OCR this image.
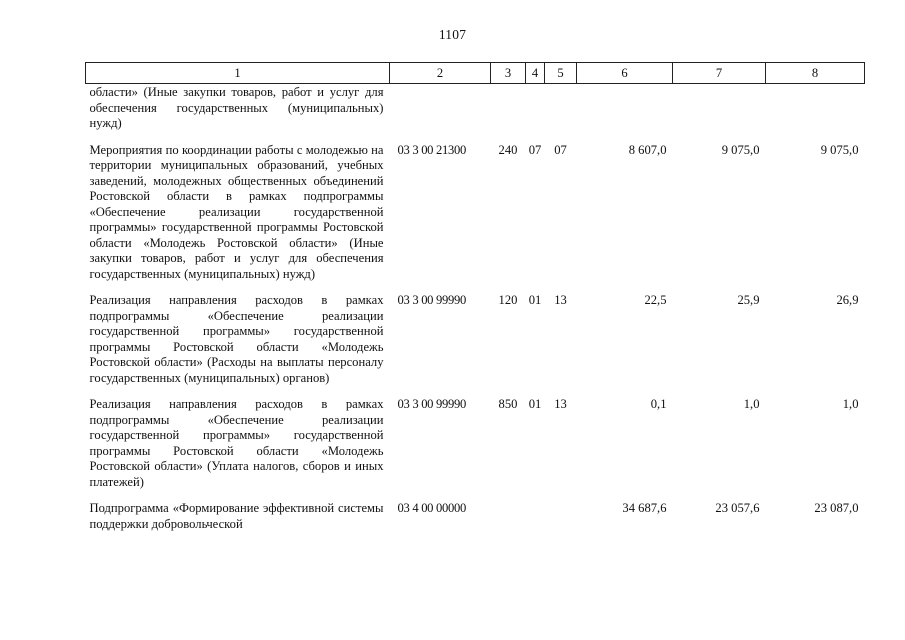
1107
1	2	3	4	5	6	7	8
области» (Иные закупки товаров, работ и услуг для обеспечения государственных (муниципальных) нужд)							
Мероприятия по координации работы с молодежью на территории муниципальных образований, учебных заведений, молодежных общественных объединений Ростовской области в рамках подпрограммы «Обеспечение реализации государственной программы» государственной программы Ростовской области «Молодежь Ростовской области» (Иные закупки товаров, работ и услуг для обеспечения государственных (муниципальных) нужд)	03 3 00 21300	240	07	07	8 607,0	9 075,0	9 075,0
Реализация направления расходов в рамках подпрограммы «Обеспечение реализации государственной программы» государственной программы Ростовской области «Молодежь Ростовской области» (Расходы на выплаты персоналу государственных (муниципальных) органов)	03 3 00 99990	120	01	13	22,5	25,9	26,9
Реализация направления расходов в рамках подпрограммы «Обеспечение реализации государственной программы» государственной программы Ростовской области «Молодежь Ростовской области» (Уплата налогов, сборов и иных платежей)	03 3 00 99990	850	01	13	0,1	1,0	1,0
Подпрограмма «Формирование эффективной системы поддержки добровольческой	03 4 00 00000				34 687,6	23 057,6	23 087,0
